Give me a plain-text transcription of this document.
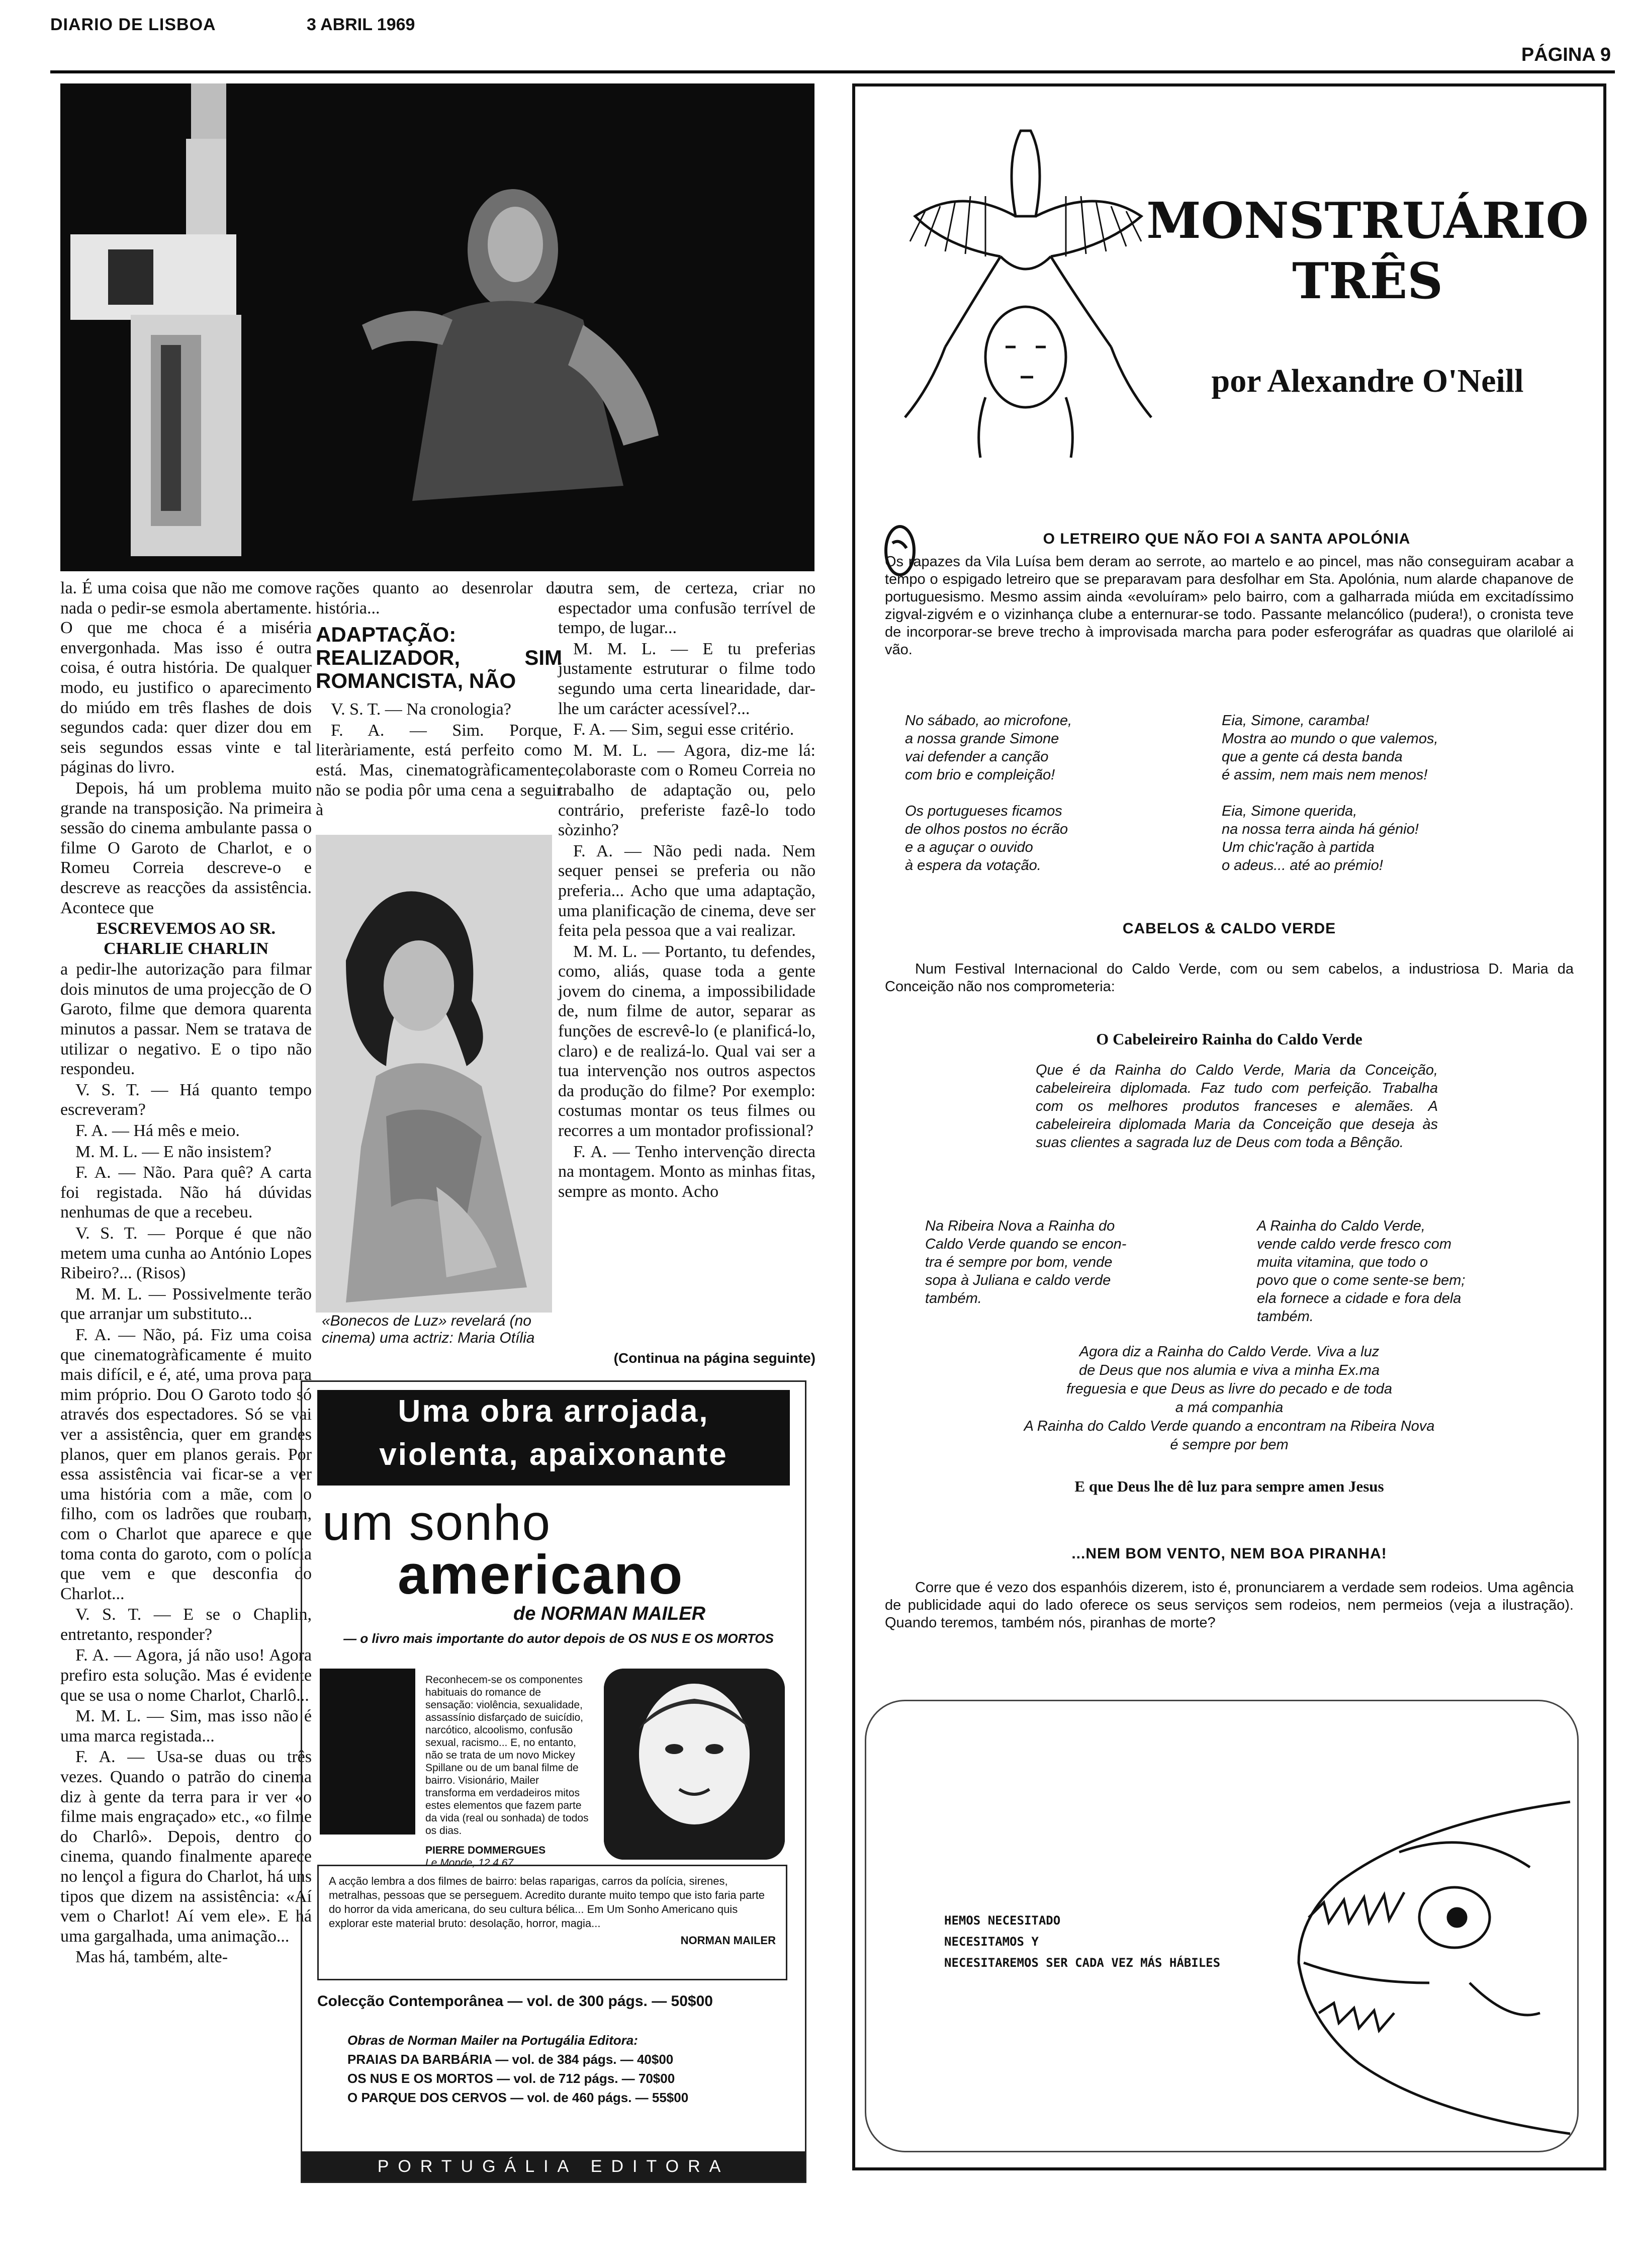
DIARIO DE LISBOA	3 ABRIL 1969
PÁGINA 9

la. É uma coisa que não me comove nada o pedir-se esmola abertamente. O que me choca é a miséria envergonhada. Mas isso é outra coisa, é outra história. De qualquer modo, eu justifico o aparecimento do miúdo em três flashes de dois segundos cada: quer dizer dou em seis segundos essas vinte e tal páginas do livro.

Depois, há um problema muito grande na transposição. Na primeira sessão do cinema ambulante passa o filme O Garoto de Charlot, e o Romeu Correia descreve-o e descreve as reacções da assistência. Acontece que

ESCREVEMOS AO SR. CHARLIE CHARLIN

a pedir-lhe autorização para filmar dois minutos de uma projecção de O Garoto, filme que demora quarenta minutos a passar. Nem se tratava de utilizar o negativo. E o tipo não respondeu.

V. S. T. — Há quanto tempo escreveram?

F. A. — Há mês e meio.

M. M. L. — E não insistem?

F. A. — Não. Para quê? A carta foi registada. Não há dúvidas nenhumas de que a recebeu.

V. S. T. — Porque é que não metem uma cunha ao António Lopes Ribeiro?... (Risos)

M. M. L. — Possivelmente terão que arranjar um substituto...

F. A. — Não, pá. Fiz uma coisa que cinematogràficamente é muito mais difícil, e é, até, uma prova para mim próprio. Dou O Garoto todo só através dos espectadores. Só se vai ver a assistência, quer em grandes planos, quer em planos gerais. Por essa assistência vai ficar-se a ver uma história com a mãe, com o filho, com os ladrões que roubam, com o Charlot que aparece e que toma conta do garoto, com o polícia que vem e que desconfia do Charlot...

V. S. T. — E se o Chaplin, entretanto, responder?

F. A. — Agora, já não uso! Agora prefiro esta solução. Mas é evidente que se usa o nome Charlot, Charlô...

M. M. L. — Sim, mas isso não é uma marca registada...

F. A. — Usa-se duas ou três vezes. Quando o patrão do cinema diz à gente da terra para ir ver «o filme mais engraçado» etc., «o filme do Charlô». Depois, dentro do cinema, quando finalmente aparece no lençol a figura do Charlot, há uns tipos que dizem na assistência: «Aí vem o Charlot! Aí vem ele». E há uma gargalhada, uma animação...

Mas há, também, alte-

rações quanto ao desenrolar da história...

ADAPTAÇÃO: REALIZADOR, SIM ROMANCISTA, NÃO

V. S. T. — Na cronologia?

F. A. — Sim. Porque, literàriamente, está perfeito como está. Mas, cinematogràficamente, não se podia pôr uma cena a seguir à

«Bonecos de Luz» revelará (no cinema) uma actriz: Maria Otília

outra sem, de certeza, criar no espectador uma confusão terrível de tempo, de lugar...

M. M. L. — E tu preferias justamente estruturar o filme todo segundo uma certa linearidade, dar-lhe um carácter acessível?...

F. A. — Sim, segui esse critério.

M. M. L. — Agora, diz-me lá: colaboraste com o Romeu Correia no trabalho de adaptação ou, pelo contrário, preferiste fazê-lo todo sòzinho?

F. A. — Não pedi nada. Nem sequer pensei se preferia ou não preferia... Acho que uma adaptação, uma planificação de cinema, deve ser feita pela pessoa que a vai realizar.

M. M. L. — Portanto, tu defendes, como, aliás, quase toda a gente jovem do cinema, a impossibilidade de, num filme de autor, separar as funções de escrevê-lo (e planificá-lo, claro) e de realizá-lo. Qual vai ser a tua intervenção nos outros aspectos da produção do filme? Por exemplo: costumas montar os teus filmes ou recorres a um montador profissional?

F. A. — Tenho intervenção directa na montagem. Monto as minhas fitas, sempre as monto. Acho

(Continua na página seguinte)
Uma obra arrojada,
violenta, apaixonante
um sonho
americano
de NORMAN MAILER
— o livro mais importante do autor depois de OS NUS E OS MORTOS
Reconhecem-se os componentes habituais do romance de sensação: violência, sexualidade, assassínio disfarçado de suicídio, narcótico, alcoolismo, confusão sexual, racismo... E, no entanto, não se trata de um novo Mickey Spillane ou de um banal filme de bairro. Visionário, Mailer transforma em verdadeiros mitos estes elementos que fazem parte da vida (real ou sonhada) de todos os dias.
PIERRE DOMMERGUES
Le Monde, 12.4.67
A acção lembra a dos filmes de bairro: belas raparigas, carros da polícia, sirenes, metralhas, pessoas que se perseguem. Acredito durante muito tempo que isto faria parte do horror da vida americana, do seu cultura bélica... Em Um Sonho Americano quis explorar este material bruto: desolação, horror, magia...
NORMAN MAILER
Colecção Contemporânea — vol. de 300 págs. — 50$00
Obras de Norman Mailer na Portugália Editora:
PRAIAS DA BARBÁRIA — vol. de 384 págs. — 40$00
OS NUS E OS MORTOS — vol. de 712 págs. — 70$00
O PARQUE DOS CERVOS — vol. de 460 págs. — 55$00
PORTUGÁLIA EDITORA
MONSTRUÁRIO
TRÊS
por Alexandre O'Neill
O LETREIRO QUE NÃO FOI A SANTA APOLÓNIA
Os rapazes da Vila Luísa bem deram ao serrote, ao martelo e ao pincel, mas não conseguiram acabar a tempo o espigado letreiro que se preparavam para desfolhar em Sta. Apolónia, num alarde chapanove de portuguesismo. Mesmo assim ainda «evoluíram» pelo bairro, com a galharrada miúda em excitadíssimo zigval-zigvém e o vizinhança clube a enternurar-se todo. Passante melancólico (pudera!), o cronista teve de incorporar-se breve trecho à improvisada marcha para poder esferográfar as quadras que olarilolé ai vão.
No sábado, ao microfone,
a nossa grande Simone
vai defender a canção
com brio e compleição!

Os portugueses ficamos
de olhos postos no écrão
e a aguçar o ouvido
à espera da votação.
Eia, Simone, caramba!
Mostra ao mundo o que valemos,
que a gente cá desta banda
é assim, nem mais nem menos!

Eia, Simone querida,
na nossa terra ainda há génio!
Um chic'ração à partida
o adeus... até ao prémio!
CABELOS & CALDO VERDE
Num Festival Internacional do Caldo Verde, com ou sem cabelos, a industriosa D. Maria da Conceição não nos comprometeria:
O Cabeleireiro Rainha do Caldo Verde
Que é da Rainha do Caldo Verde, Maria da Conceição, cabeleireira diplomada. Faz tudo com perfeição. Trabalha com os melhores produtos franceses e alemães. A cabeleireira diplomada Maria da Conceição que deseja às suas clientes a sagrada luz de Deus com toda a Bênção.
Na Ribeira Nova a Rainha do
Caldo Verde quando se encon-
tra é sempre por bom, vende
sopa à Juliana e caldo verde
também.
A Rainha do Caldo Verde,
vende caldo verde fresco com
muita vitamina, que todo o
povo que o come sente-se bem;
ela fornece a cidade e fora dela
também.
Agora diz a Rainha do Caldo Verde. Viva a luz
de Deus que nos alumia e viva a minha Ex.ma
freguesia e que Deus as livre do pecado e de toda
a má companhia
A Rainha do Caldo Verde quando a encontram na Ribeira Nova
é sempre por bem
E que Deus lhe dê luz para sempre amen Jesus
...NEM BOM VENTO, NEM BOA PIRANHA!
Corre que é vezo dos espanhóis dizerem, isto é, pronunciarem a verdade sem rodeios. Uma agência de publicidade aqui do lado oferece os seus serviços sem rodeios, nem permeios (veja a ilustração). Quando teremos, também nós, piranhas de morte?
HEMOS NECESITADO
NECESITAMOS Y
NECESITAREMOS SER CADA VEZ MÁS HÁBILES
